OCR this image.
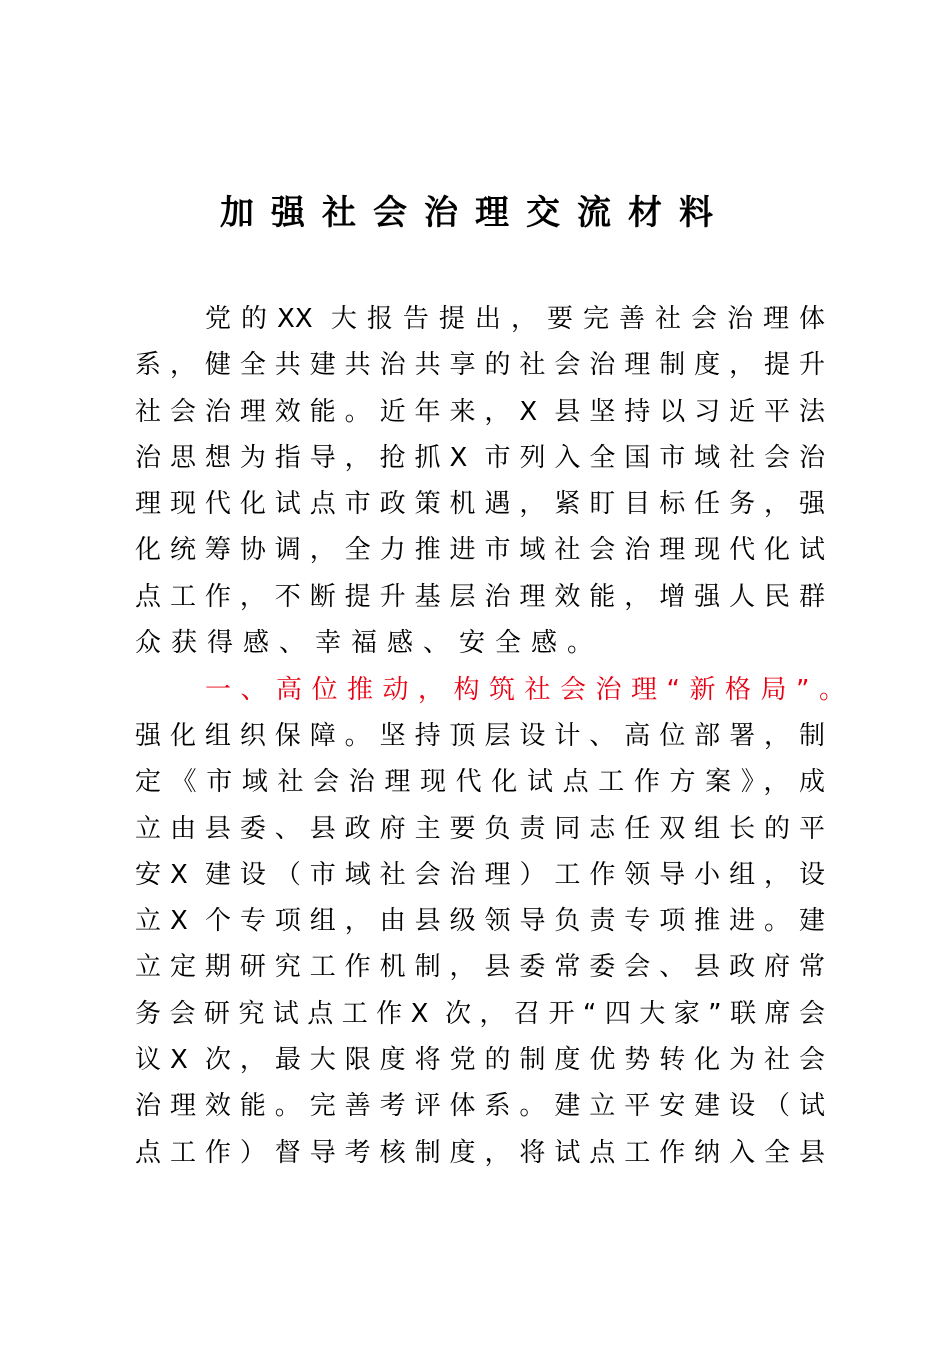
加强社会治理交流材料
党的XX 大报告提出，要完善社会治理体
系，健全共建共治共享的社会治理制度，提升
社会治理效能。近年来，X 县坚持以习近平法
治思想为指导，抢抓X 市列入全国市域社会治
理现代化试点市政策机遇，紧盯目标任务，强
化统筹协调，全力推进市域社会治理现代化试
点工作，不断提升基层治理效能，增强人民群
众获得感、幸福感、安全感。
一、高位推动，构筑社会治理“新格局”。
强化组织保障。坚持顶层设计、高位部署，制
定《市域社会治理现代化试点工作方案》，成
立由县委、县政府主要负责同志任双组长的平
安X 建设（市域社会治理）工作领导小组，设
立X 个专项组，由县级领导负责专项推进。建
立定期研究工作机制，县委常委会、县政府常
务会研究试点工作X 次，召开“四大家”联席会
议X 次，最大限度将党的制度优势转化为社会
治理效能。完善考评体系。建立平安建设（试
点工作）督导考核制度，将试点工作纳入全县
